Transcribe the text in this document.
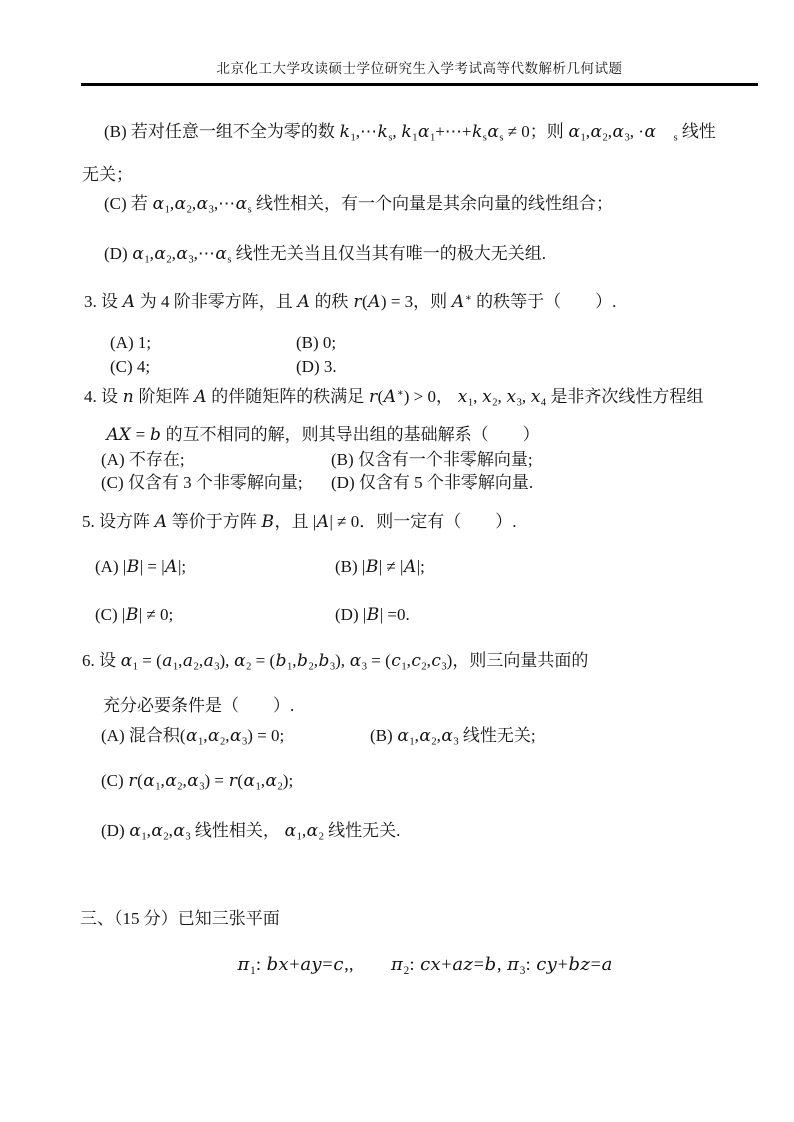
北京化工大学攻读硕士学位研究生入学考试高等代数解析几何试题
(B) 若对任意一组不全为零的数 $k_1,\cdots k_s$, $k_1\alpha_1+\cdots+k_s\alpha_s \ne 0$；则 $\alpha_1,\alpha_2,\alpha_3$, ·α　 $_s$ 线性
无关；
(C) 若 $\alpha_1,\alpha_2,\alpha_3,\cdots\alpha_s$ 线性相关，有一个向量是其余向量的线性组合；
(D) $\alpha_1,\alpha_2,\alpha_3,\cdots\alpha_s$ 线性无关当且仅当其有唯一的极大无关组.
3. 设 A 为 4 阶非零方阵，且 A 的秩 r(A) = 3，则 A∗ 的秩等于（　　）.
(A) 1;	(B) 0;
(C) 4;	(D) 3.
4. 设 n 阶矩阵 A 的伴随矩阵的秩满足 r(A∗) > 0， $x_1$, $x_2$, $x_3$, $x_4$ 是非齐次线性方程组
AX = b 的互不相同的解，则其导出组的基础解系（　　）
(A) 不存在;	(B) 仅含有一个非零解向量;
(C) 仅含有 3 个非零解向量; (D) 仅含有 5 个非零解向量.
5. 设方阵 A 等价于方阵 B，且 |A| ≠ 0．则一定有（　　）.
(A) |B| = |A|;	(B) |B| ≠ |A|;
(C) |B| ≠ 0;	(D) |B| =0.
6. 设 $\alpha_1 = (a_1,a_2,a_3)$, $\alpha_2 = (b_1,b_2,b_3)$, $\alpha_3 = (c_1,c_2,c_3)$，则三向量共面的
充分必要条件是（　　）.
(A) 混合积$(\alpha_1,\alpha_2,\alpha_3) = 0$;	(B) $\alpha_1,\alpha_2,\alpha_3$ 线性无关;
(C) $r(\alpha_1,\alpha_2,\alpha_3) = r(\alpha_1,\alpha_2)$;
(D) $\alpha_1,\alpha_2,\alpha_3$ 线性相关， $\alpha_1,\alpha_2$ 线性无关.
三、（15 分）已知三张平面
$\pi_1$: bx+ay=c,,　　$\pi_2$: cx+az=b, $\pi_3$: cy+bz=a
